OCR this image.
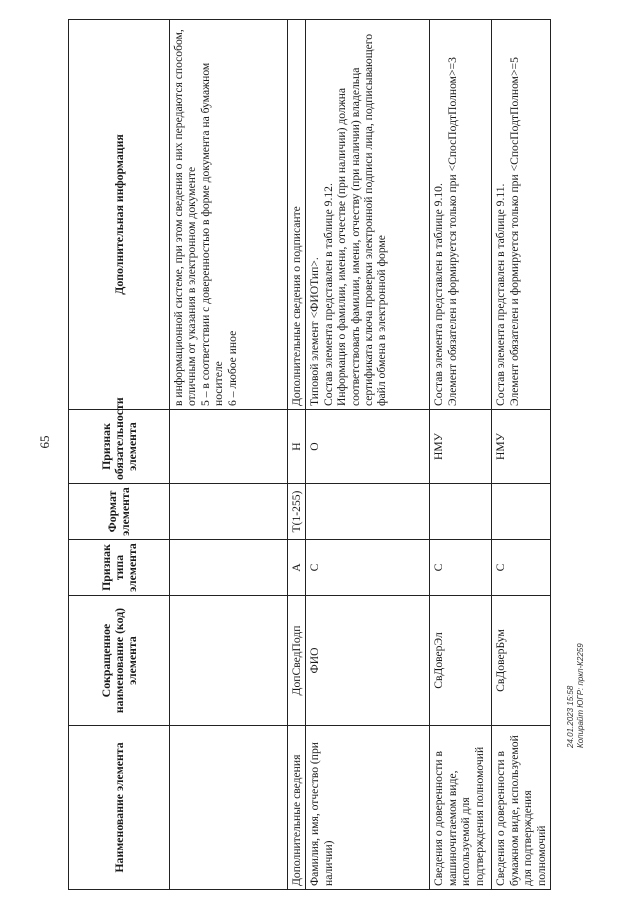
65
Наименование элемента	Сокращенное наименование (код) элемента	Признак типа элемента	Формат элемента	Признак обязательности элемента	Дополнительная информация
					в информационной системе, при этом сведения о них передаются способом, отличным от указания в электронном документе
5 – в соответствии с доверенностью в форме документа на бумажном носителе
6 – любое иное
Дополнительные сведения	ДопСведПодп	А	T(1-255)	Н	Дополнительные сведения о подписанте
Фамилия, имя, отчество (при наличии)	ФИО	С		О	Типовой элемент <ФИОТип>.
Состав элемента представлен в таблице 9.12.
Информация о фамилии, имени, отчестве (при наличии) должна соответствовать фамилии, имени, отчеству (при наличии) владельца сертификата ключа проверки электронной подписи лица, подписывающего файл обмена в электронной форме
Сведения о доверенности в машиночитаемом виде, используемой для подтверждения полномочий	СвДоверЭл	С		НМУ	Состав элемента представлен в таблице 9.10.
Элемент обязателен и формируется только при <СпосПодтПолном>=3
Сведения о доверенности в бумажном виде, используемой для подтверждения полномочий	СвДоверБум	С		НМУ	Состав элемента представлен в таблице 9.11.
Элемент обязателен и формируется только при <СпосПодтПолном>=5
24.01.2023 15:58 Копирайт ЮГР: пркп-К2259
